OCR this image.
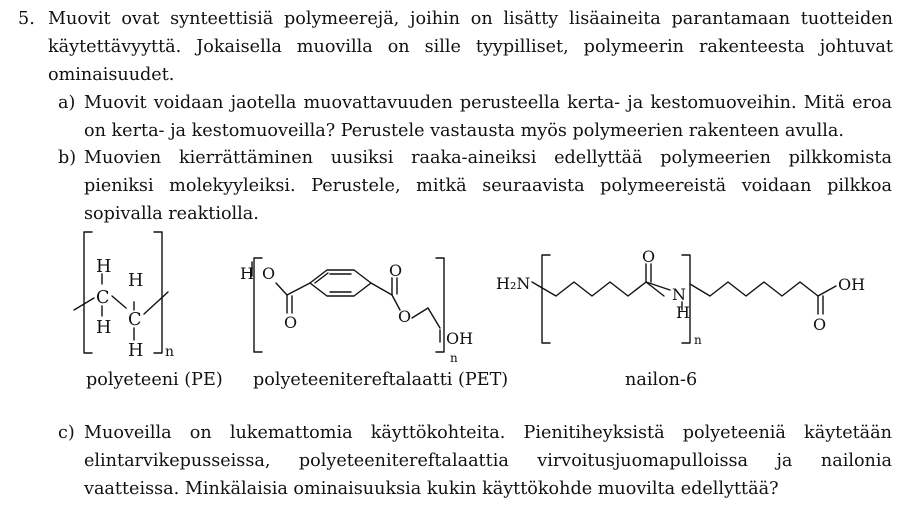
5. Muovit ovat synteettisiä polymeerejä, joihin on lisätty lisäaineita parantamaan tuotteiden käytettävyyttä. Jokaisella muovilla on sille tyypilliset, polymeerin rakenteesta johtuvat ominaisuudet.
a) Muovit voidaan jaotella muovattavuuden perusteella kerta- ja kestomuoveihin. Mitä eroa on kerta- ja kestomuoveilla? Perustele vastausta myös polymeerien rakenteen avulla.
b) Muovien kierrättäminen uusiksi raaka-aineiksi edellyttää polymeerien pilkkomista pieniksi molekyyleiksi. Perustele, mitkä seuraavista polymeereistä voidaan pilkkoa sopivalla reaktiolla.
H
H
C
C
H
H n
H O
O
O
O
OH
n
H₂N
O
N
H
OH
O
n
polyeteeni (PE) polyeteenitereftalaatti (PET)	nailon-6
c) Muoveilla on lukemattomia käyttökohteita. Pienitiheyksistä polyeteeniä käytetään elintarvikepusseissa, polyeteenitereftalaattia virvoitusjuomapulloissa ja nailonia vaatteissa. Minkälaisia ominaisuuksia kukin käyttökohde muovilta edellyttää?
